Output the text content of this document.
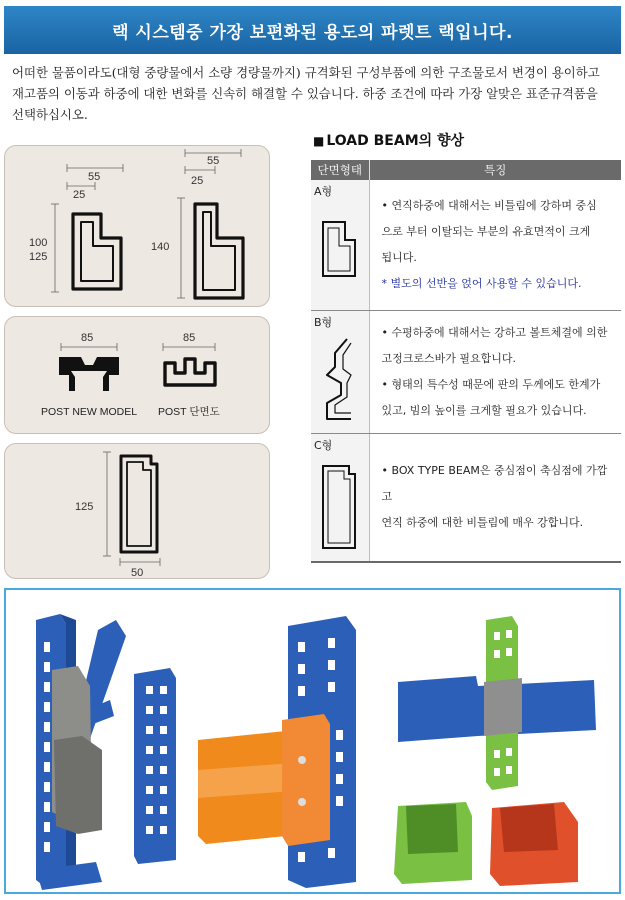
랙 시스템중 가장 보편화된 용도의 파렛트 랙입니다.
어떠한 물품이라도(대형 중량물에서 소량 경량물까지) 규격화된 구성부품에 의한 구조물로서 변경이 용이하고
재고품의 이동과 하중에 대한 변화를 신속히 해결할 수 있습니다. 하중 조건에 따라 가장 알맞은 표준규격품을
선택하십시오.
55
25
100
125
55
25
140
85	85
POST NEW MODEL POST 단면도
125
50
■ LOAD BEAM의 향상
단면형태	특징
A형	• 연직하중에 대해서는 비틀림에 강하며 중심
으로 부터 이탈되는 부분의 유효면적이 크게
됩니다.
* 별도의 선반을 얹어 사용할 수 있습니다.

B형	• 수평하중에 대해서는 강하고 볼트체결에 의한
고정크로스바가 필요합니다.
• 형태의 특수성 때문에 판의 두께에도 한계가
있고, 빔의 높이를 크게할 필요가 있습니다.

C형	• BOX TYPE BEAM은 중심점이 축심점에 가깝고
연직 하중에 대한 비틀림에 매우 강합니다.
